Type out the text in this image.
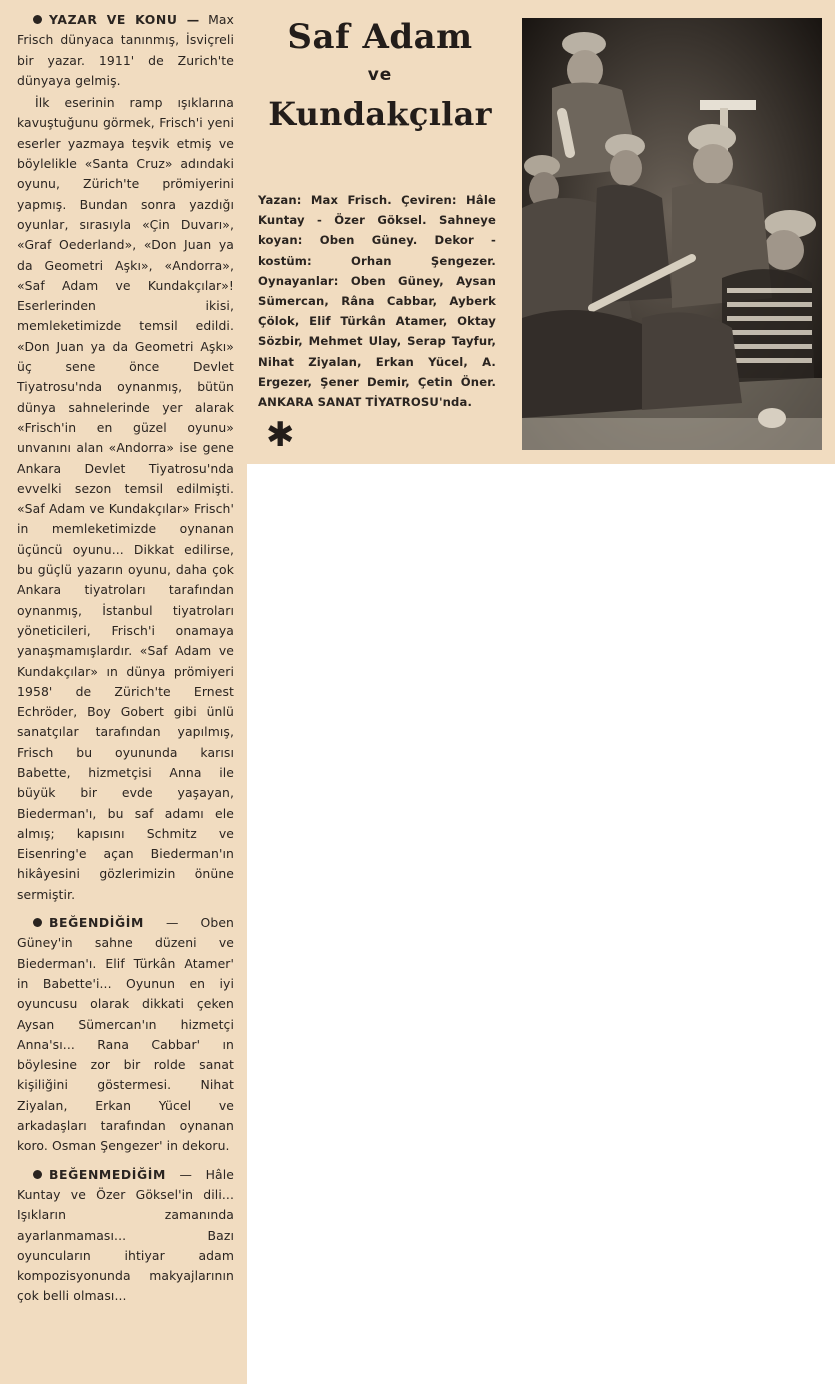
YAZAR VE KONU — Max Frisch dünyaca tanınmış, İsviçreli bir yazar. 1911' de Zurich'te dünyaya gelmiş.

İlk eserinin ramp ışıklarına kavuştuğunu görmek, Frisch'i yeni eserler yazmaya teşvik etmiş ve böylelikle «Santa Cruz» adındaki oyunu, Zürich'te prömiyerini yapmış. Bundan sonra yazdığı oyunlar, sırasıyla «Çin Duvarı», «Graf Oederland», «Don Juan ya da Geometri Aşkı», «Andorra», «Saf Adam ve Kundakçılar»! Eserlerinden ikisi, memleketimizde temsil edildi. «Don Juan ya da Geometri Aşkı» üç sene önce Devlet Tiyatrosu'nda oynanmış, bütün dünya sahnelerinde yer alarak «Frisch'in en güzel oyunu» unvanını alan «Andorra» ise gene Ankara Devlet Tiyatrosu'nda evvelki sezon temsil edilmişti. «Saf Adam ve Kundakçılar» Frisch' in memleketimizde oynanan üçüncü oyunu... Dikkat edilirse, bu güçlü yazarın oyunu, daha çok Ankara tiyatroları tarafından oynanmış, İstanbul tiyatroları yöneticileri, Frisch'i onamaya yanaşmamışlardır. «Saf Adam ve Kundakçılar» ın dünya prömiyeri 1958' de Zürich'te Ernest Echröder, Boy Gobert gibi ünlü sanatçılar tarafından yapılmış, Frisch bu oyununda karısı Babette, hizmetçisi Anna ile büyük bir evde yaşayan, Biederman'ı, bu saf adamı ele almış; kapısını Schmitz ve Eisenring'e açan Biederman'ın hikâyesini gözlerimizin önüne sermiştir.

BEĞENDİĞİM — Oben Güney'in sahne düzeni ve Biederman'ı. Elif Türkân Atamer' in Babette'i... Oyunun en iyi oyuncusu olarak dikkati çeken Aysan Sümercan'ın hizmetçi Anna'sı... Rana Cabbar' ın böylesine zor bir rolde sanat kişiliğini göstermesi. Nihat Ziyalan, Erkan Yücel ve arkadaşları tarafından oynanan koro. Osman Şengezer' in dekoru.

BEĞENMEDİĞİM — Hâle Kuntay ve Özer Göksel'in dili... Işıkların zamanında ayarlanmaması... Bazı oyuncuların ihtiyar adam kompozisyonunda makyajlarının çok belli olması...

Saf Adam
ve
Kundakçılar

Yazan: Max Frisch. Çeviren: Hâle Kuntay - Özer Göksel. Sahneye koyan: Oben Güney. Dekor - kostüm: Orhan Şengezer. Oynayanlar: Oben Güney, Aysan Sümercan, Râna Cabbar, Ayberk Çölok, Elif Türkân Atamer, Oktay Sözbir, Mehmet Ulay, Serap Tayfur, Nihat Ziyalan, Erkan Yücel, A. Ergezer, Şener Demir, Çetin Öner. ANKARA SANAT TİYATROSU'nda.

✱
